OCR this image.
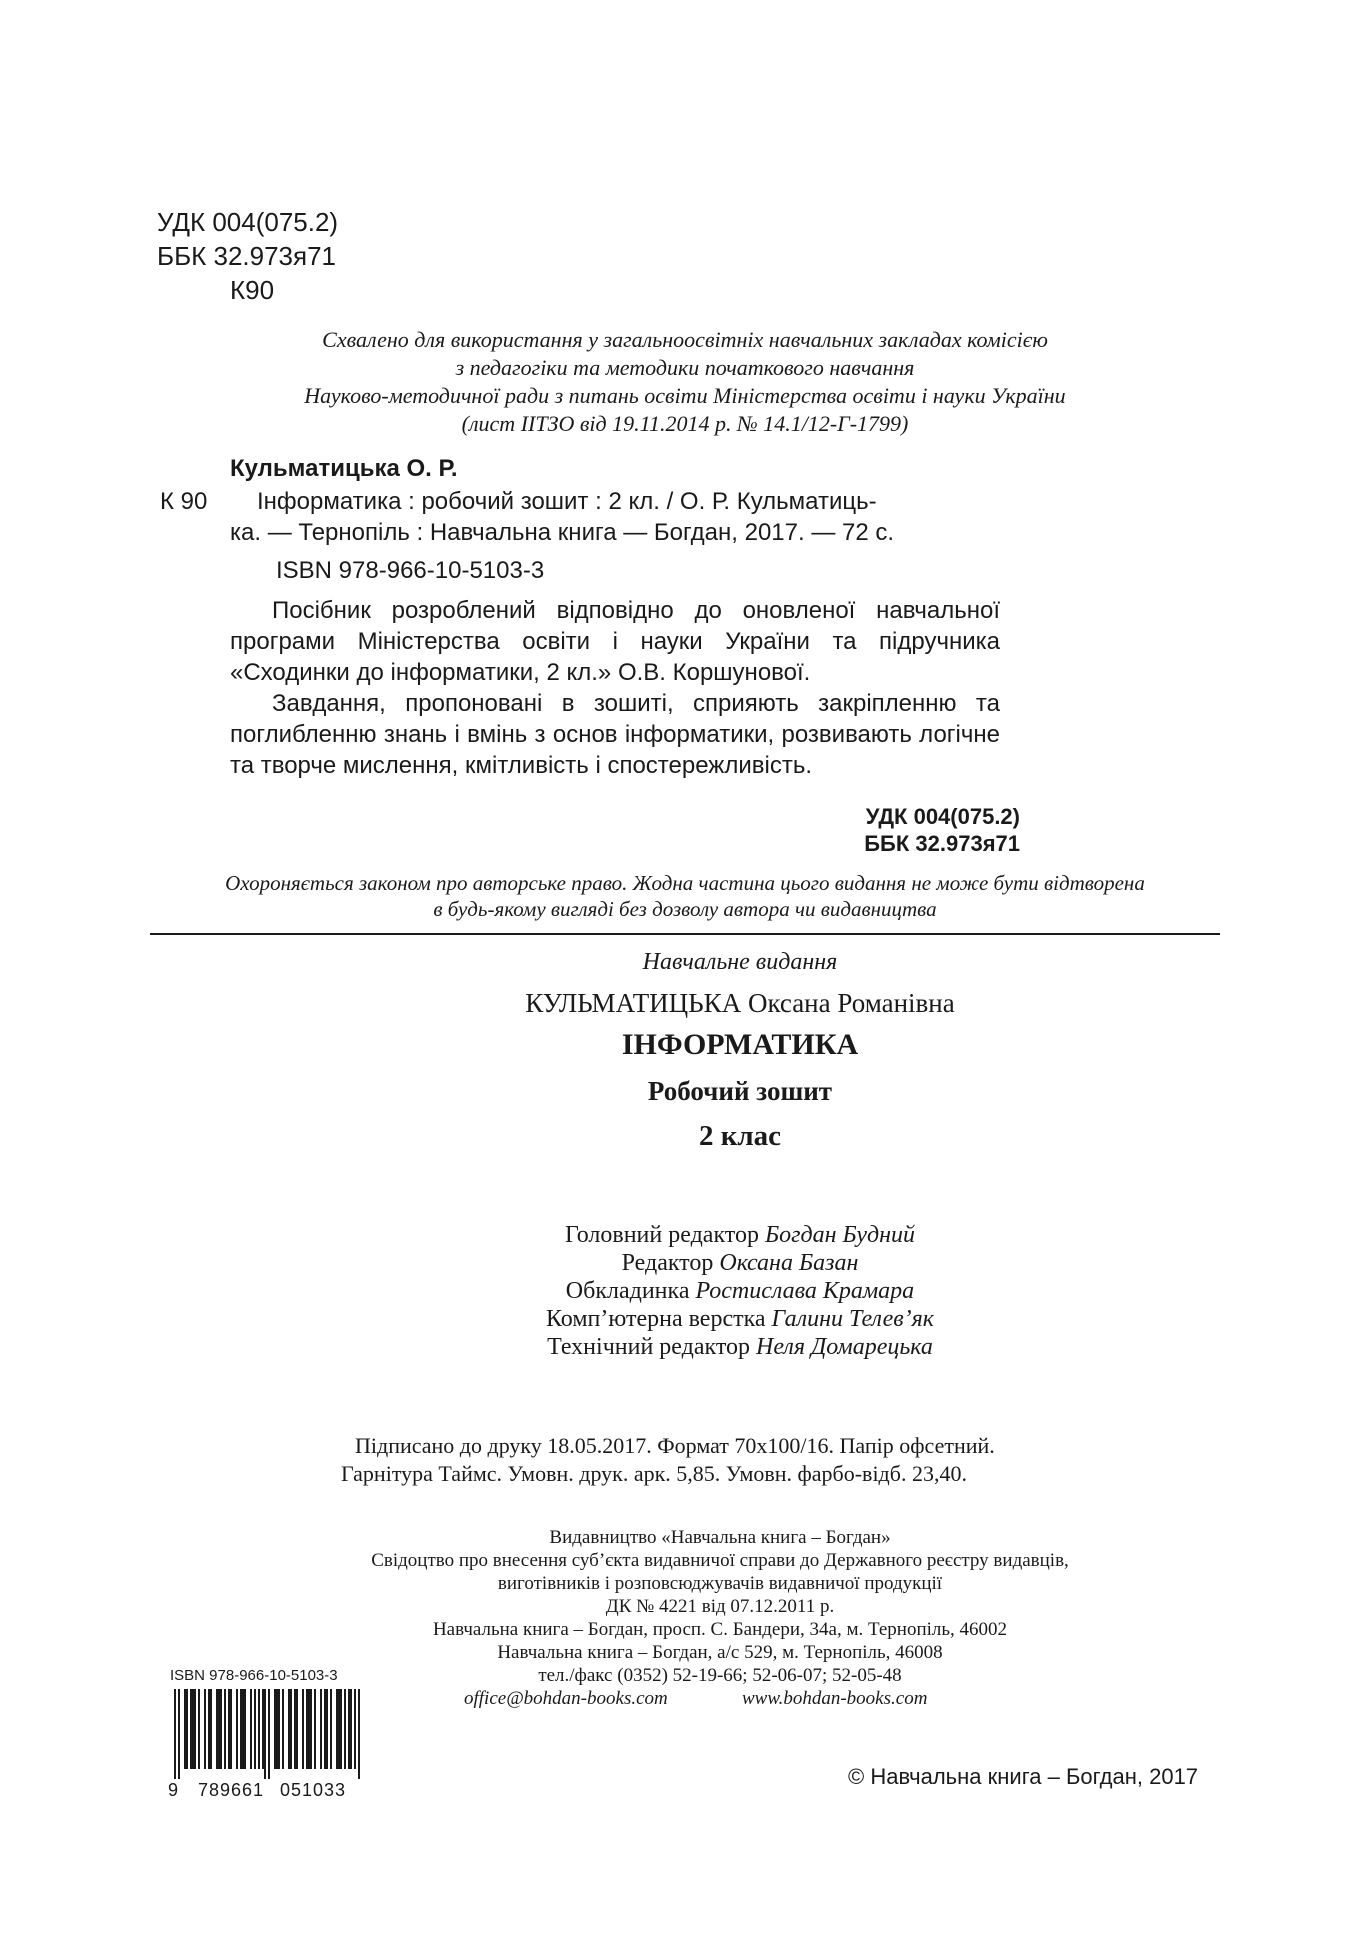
УДК 004(075.2)
ББК 32.973я71
К90
Схвалено для використання у загальноосвітніх навчальних закладах комісією
з педагогіки та методики початкового навчання
Науково-методичної ради з питань освіти Міністерства освіти і науки України
(лист ІІТЗО від 19.11.2014 р. № 14.1/12-Г-1799)
Кульматицька О. Р.
К 90 Інформатика : робочий зошит : 2 кл. / О. Р. Кульматиць-
ка. — Тернопіль : Навчальна книга — Богдан, 2017. — 72 с.
ISBN 978-966-10-5103-3

Посібник розроблений відповідно до оновленої навчальної програми Міністерства освіти і науки України та підручника «Сходинки до інформатики, 2 кл.» О.В. Коршунової.

Завдання, пропоновані в зошиті, сприяють закріпленню та поглибленню знань і вмінь з основ інформатики, розвивають логічне та творче мислення, кмітливість і спостережливість.

УДК 004(075.2)
ББК 32.973я71
Охороняється законом про авторське право. Жодна частина цього видання не може бути відтворена
в будь-якому вигляді без дозволу автора чи видавництва
Навчальне видання
КУЛЬМАТИЦЬКА Оксана Романівна
ІНФОРМАТИКА
Робочий зошит
2 клас
Головний редактор Богдан Будний
Редактор Оксана Базан
Обкладинка Ростислава Крамара
Комп’ютерна верстка Галини Телев’як
Технічний редактор Неля Домарецька
Підписано до друку 18.05.2017. Формат 70х100/16. Папір офсетний.
Гарнітура Таймс. Умовн. друк. арк. 5,85. Умовн. фарбо-відб. 23,40.
Видавництво «Навчальна книга – Богдан»
Свідоцтво про внесення суб’єкта видавничої справи до Державного реєстру видавців,
виготівників і розповсюджувачів видавничої продукції
ДК № 4221 від 07.12.2011 р.
Навчальна книга – Богдан, просп. С. Бандери, 34а, м. Тернопіль, 46002
Навчальна книга – Богдан, а/с 529, м. Тернопіль, 46008
тел./факс (0352) 52-19-66; 52-06-07; 52-05-48
office@bohdan-books.com	www.bohdan-books.com
ISBN 978-966-10-5103-3
9 789661 051033
© Навчальна книга – Богдан, 2017
